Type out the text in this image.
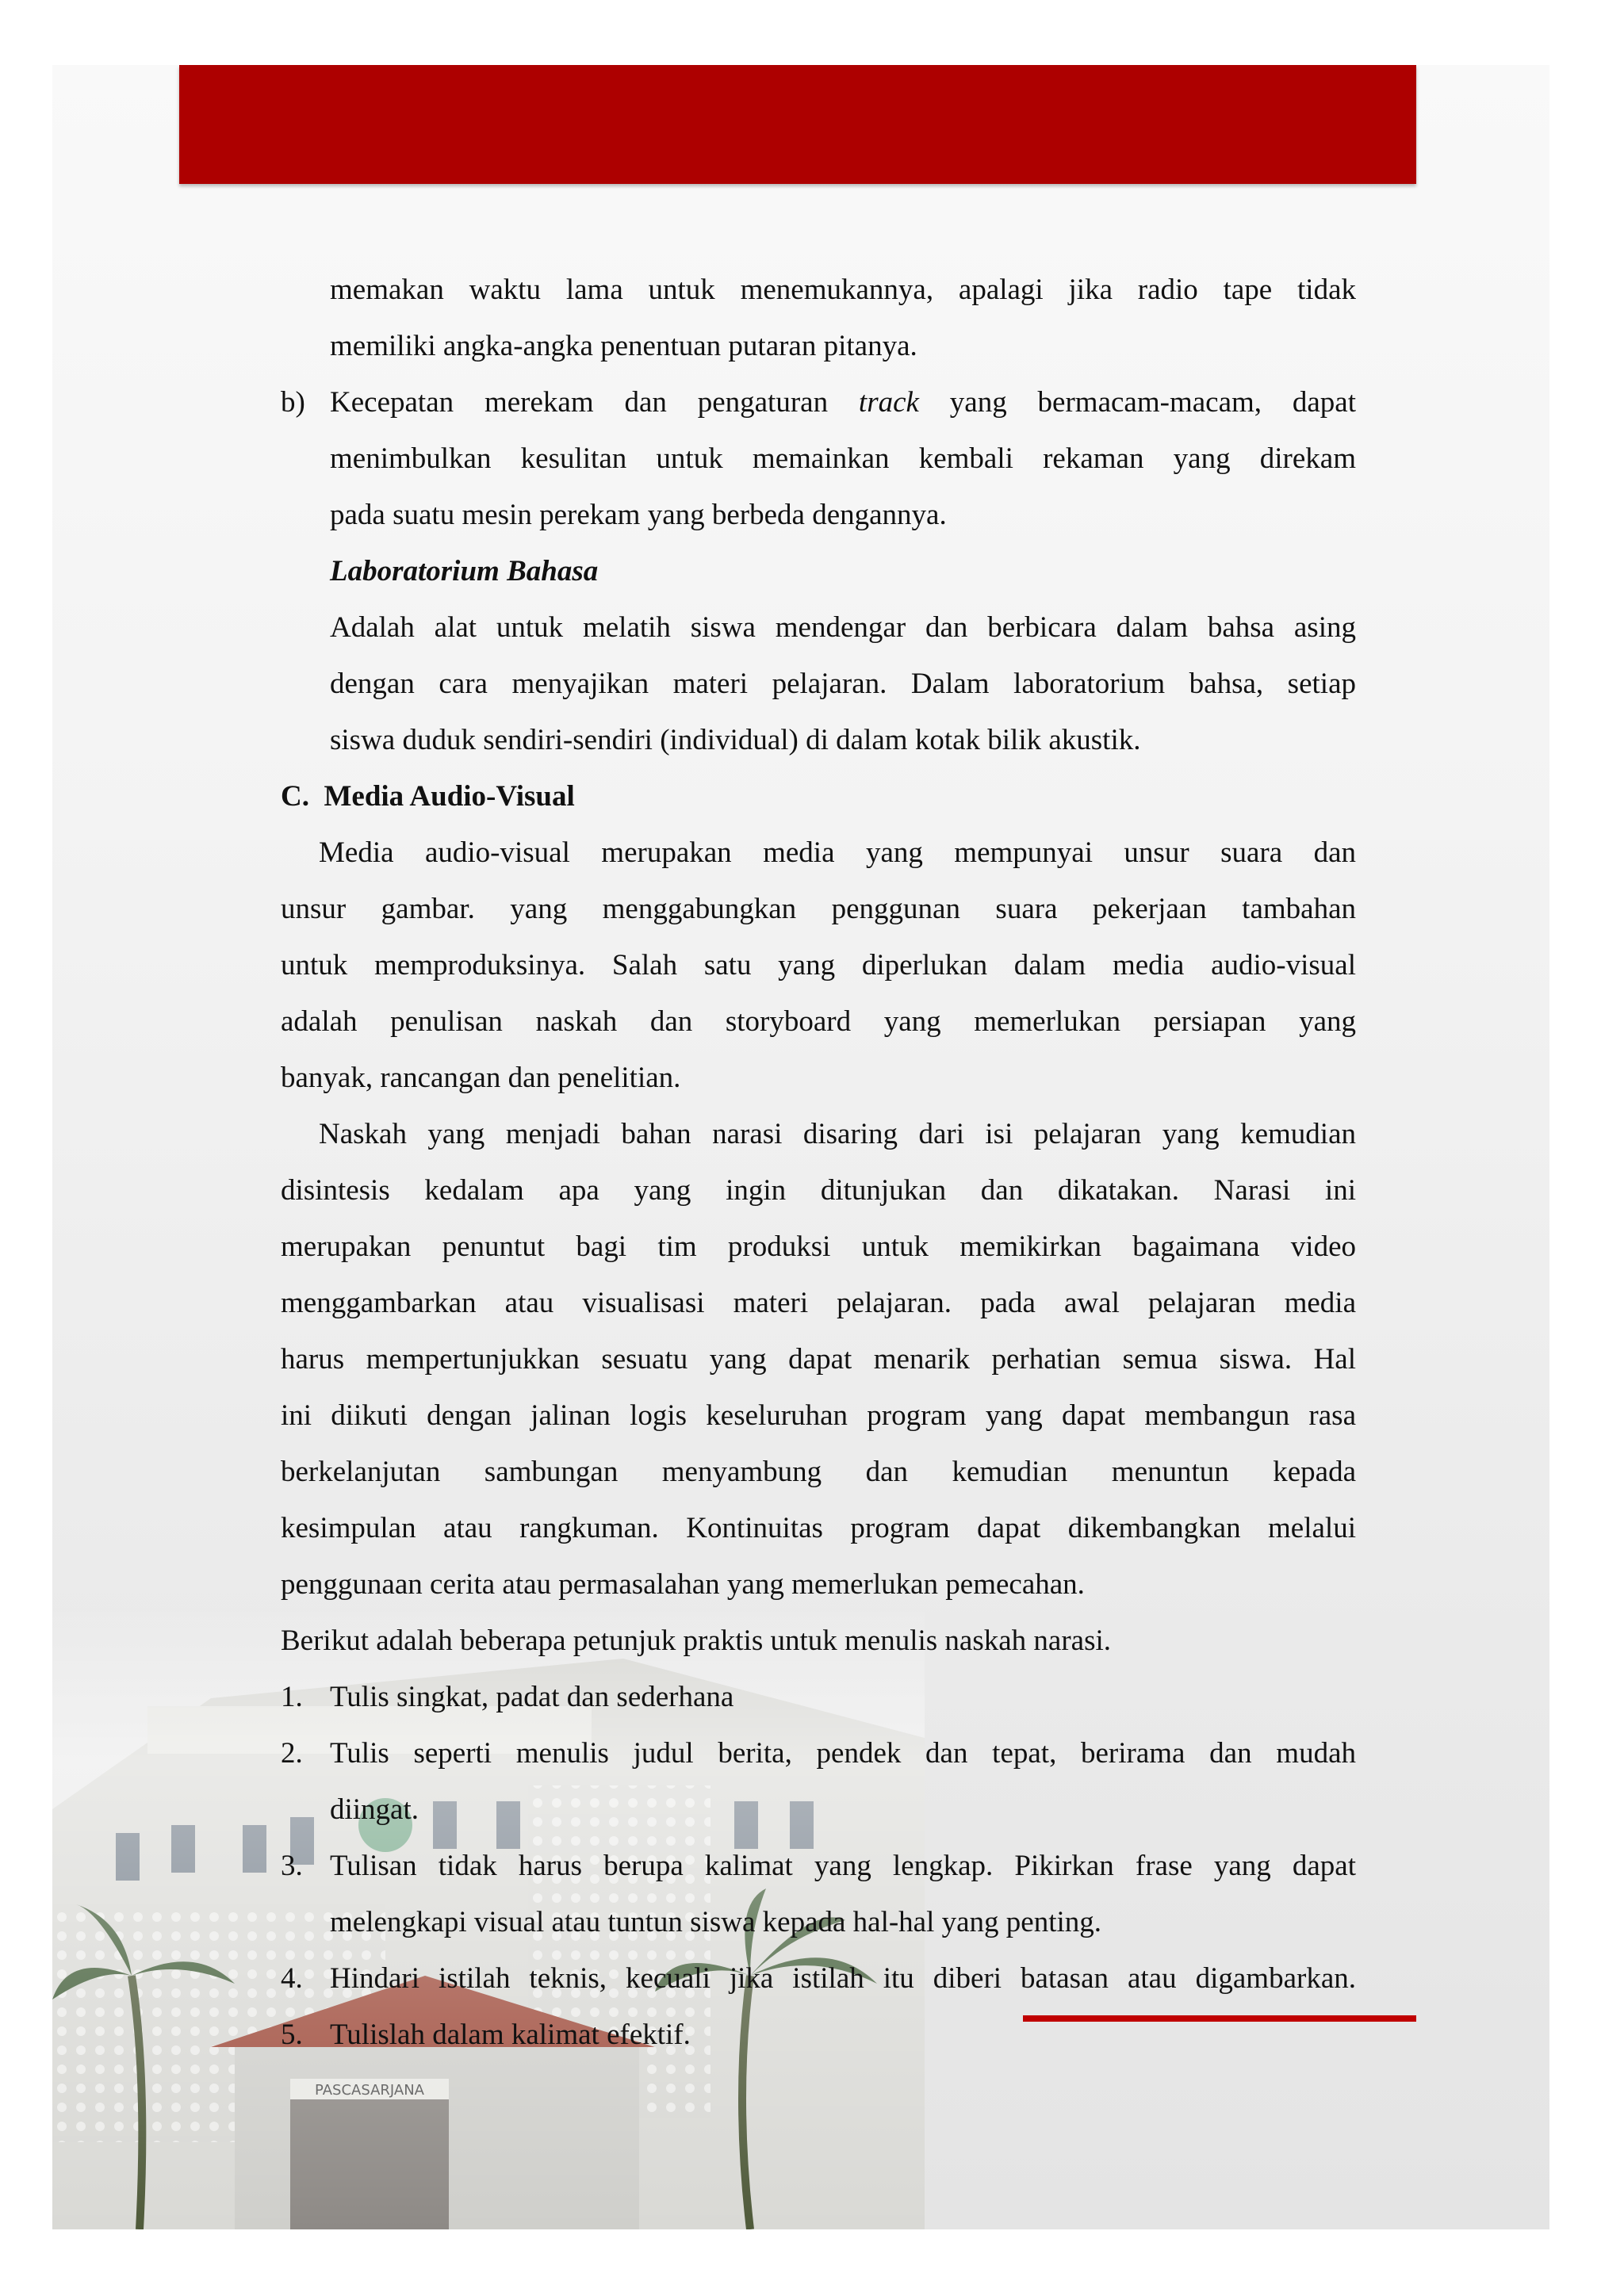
memakan waktu lama untuk menemukannya, apalagi jika radio tape tidak
memiliki angka-angka penentuan putaran pitanya.
b) Kecepatan merekam dan pengaturan track yang bermacam-macam, dapat
menimbulkan kesulitan untuk memainkan kembali rekaman yang direkam
pada suatu mesin perekam yang berbeda dengannya.
Laboratorium Bahasa
Adalah alat untuk melatih siswa mendengar dan berbicara dalam bahsa asing
dengan cara menyajikan materi pelajaran. Dalam laboratorium bahsa, setiap
siswa duduk sendiri-sendiri (individual) di dalam kotak bilik akustik.
C. Media Audio-Visual
Media audio-visual merupakan media yang mempunyai unsur suara dan
unsur gambar. yang menggabungkan penggunan suara pekerjaan tambahan
untuk memproduksinya. Salah satu yang diperlukan dalam media audio-visual
adalah penulisan naskah dan storyboard yang memerlukan persiapan yang
banyak, rancangan dan penelitian.
Naskah yang menjadi bahan narasi disaring dari isi pelajaran yang kemudian
disintesis kedalam apa yang ingin ditunjukan dan dikatakan. Narasi ini
merupakan penuntut bagi tim produksi untuk memikirkan bagaimana video
menggambarkan atau visualisasi materi pelajaran. pada awal pelajaran media
harus mempertunjukkan sesuatu yang dapat menarik perhatian semua siswa. Hal
ini diikuti dengan jalinan logis keseluruhan program yang dapat membangun rasa
berkelanjutan sambungan menyambung dan kemudian menuntun kepada
kesimpulan atau rangkuman. Kontinuitas program dapat dikembangkan melalui
penggunaan cerita atau permasalahan yang memerlukan pemecahan.
Berikut adalah beberapa petunjuk praktis untuk menulis naskah narasi.
1. Tulis singkat, padat dan sederhana
2. Tulis seperti menulis judul berita, pendek dan tepat, berirama dan mudah
diingat.
3. Tulisan tidak harus berupa kalimat yang lengkap. Pikirkan frase yang dapat
melengkapi visual atau tuntun siswa kepada hal-hal yang penting.
4. Hindari istilah teknis, kecuali jika istilah itu diberi batasan atau digambarkan.
5. Tulislah dalam kalimat efektif.
